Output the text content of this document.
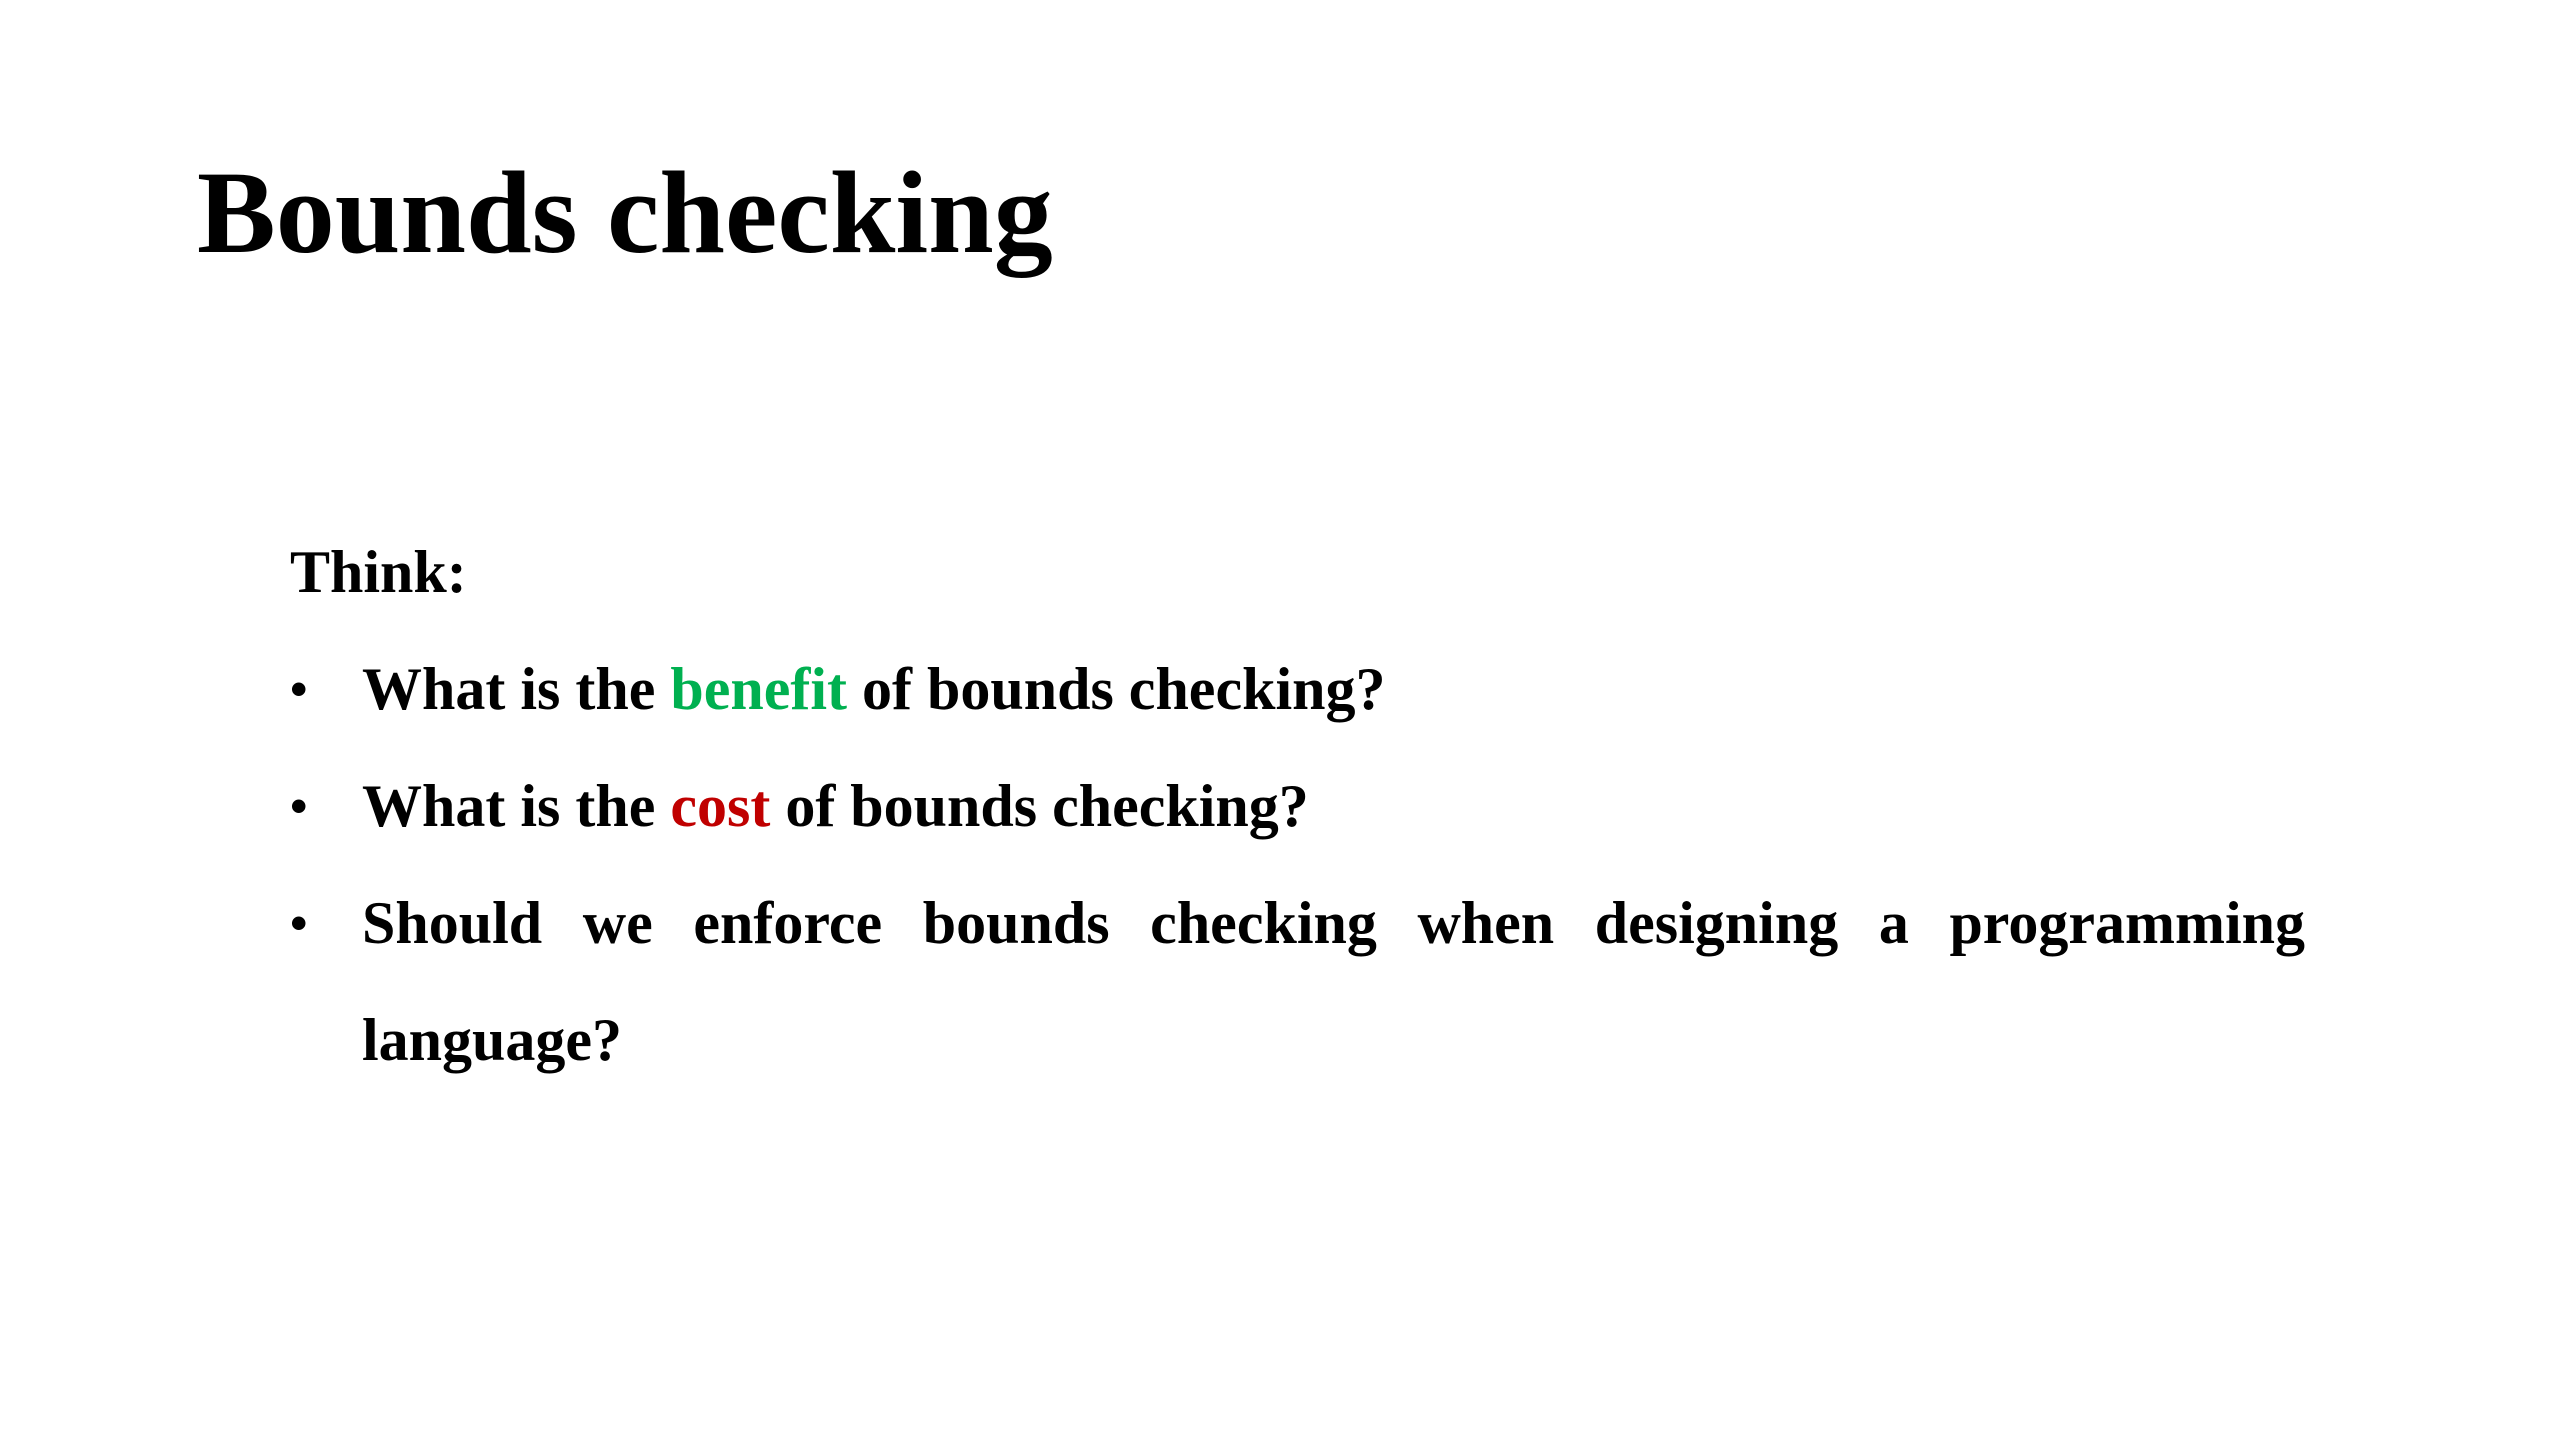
Bounds checking

Think:

• What is the benefit of bounds checking?
• What is the cost of bounds checking?
• Should we enforce bounds checking when designing a programming language?
